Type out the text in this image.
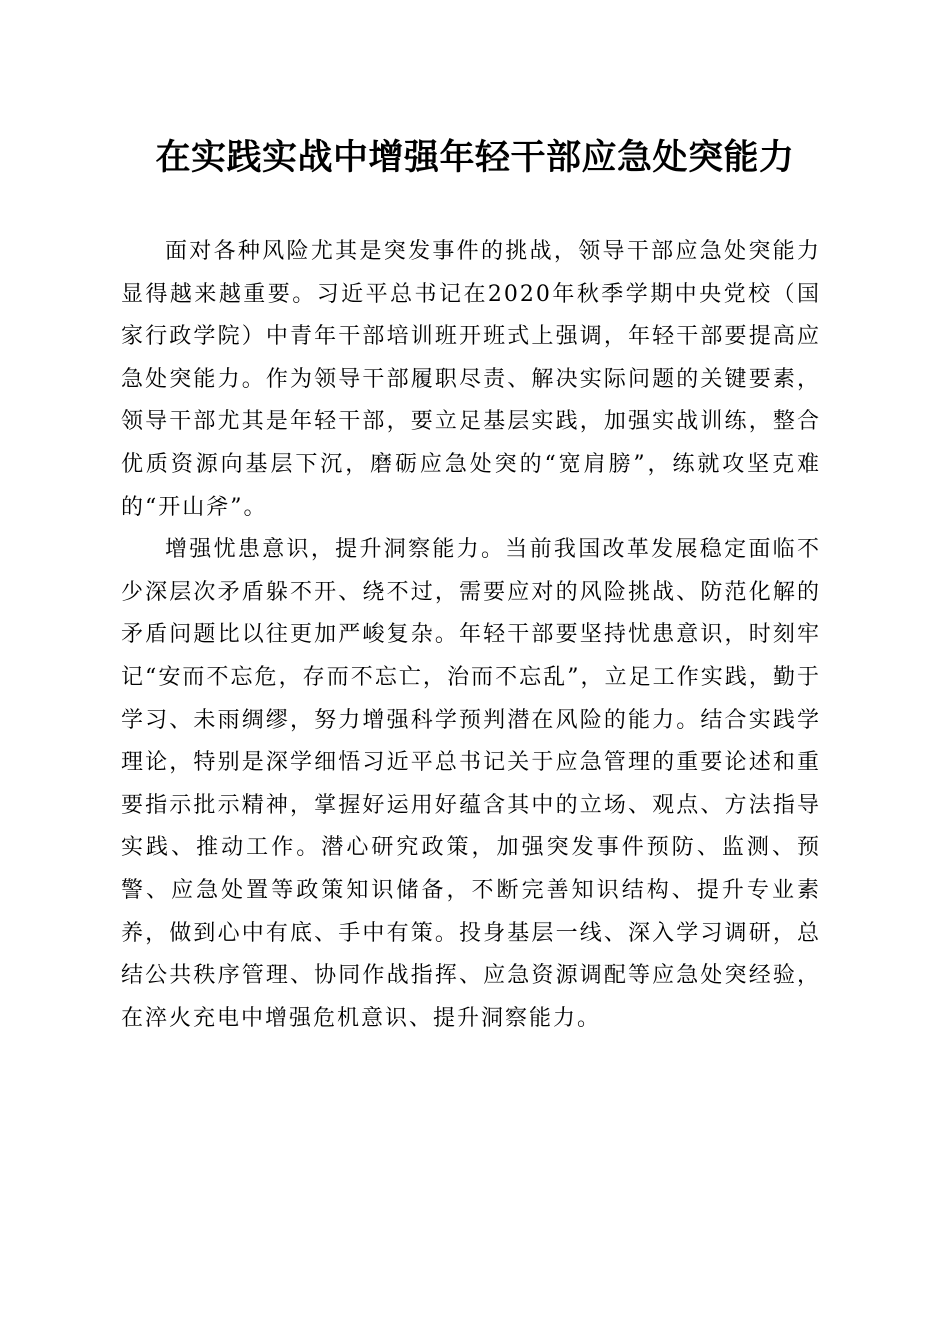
在实践实战中增强年轻干部应急处突能力

面对各种风险尤其是突发事件的挑战，领导干部应急处突能力显得越来越重要。习近平总书记在2020年秋季学期中央党校（国家行政学院）中青年干部培训班开班式上强调，年轻干部要提高应急处突能力。作为领导干部履职尽责、解决实际问题的关键要素，领导干部尤其是年轻干部，要立足基层实践，加强实战训练，整合优质资源向基层下沉，磨砺应急处突的“宽肩膀”，练就攻坚克难的“开山斧”。

增强忧患意识，提升洞察能力。当前我国改革发展稳定面临不少深层次矛盾躲不开、绕不过，需要应对的风险挑战、防范化解的矛盾问题比以往更加严峻复杂。年轻干部要坚持忧患意识，时刻牢记“安而不忘危，存而不忘亡，治而不忘乱”，立足工作实践，勤于学习、未雨绸缪，努力增强科学预判潜在风险的能力。结合实践学理论，特别是深学细悟习近平总书记关于应急管理的重要论述和重要指示批示精神，掌握好运用好蕴含其中的立场、观点、方法指导实践、推动工作。潜心研究政策，加强突发事件预防、监测、预警、应急处置等政策知识储备，不断完善知识结构、提升专业素养，做到心中有底、手中有策。投身基层一线、深入学习调研，总结公共秩序管理、协同作战指挥、应急资源调配等应急处突经验，在淬火充电中增强危机意识、提升洞察能力。
